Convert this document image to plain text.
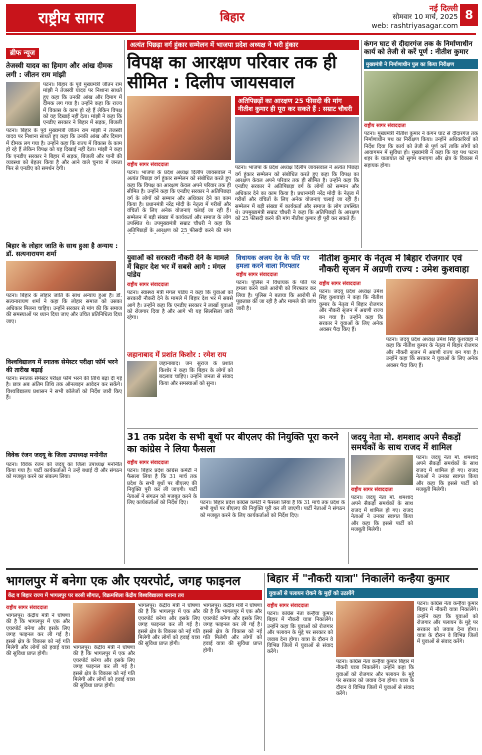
राष्ट्रीय सागर	बिहार
नई दिल्ली
सोमवार 10 मार्च, 2025
web: rashtriyasagar.com
8
ब्रीफ न्यूज
तेजस्वी यादव का हिमाग और आंख दीमक लगी : जीतन राम मांझी
पटना। बिहार के पूर्व मुख्यमंत्री जीतन राम मांझी ने तेजस्वी यादव पर निशाना साधते हुए कहा कि उनकी आंख और दिमाग में दीमक लग गया है। उन्होंने कहा कि राज्य में विकास के काम हो रहे हैं लेकिन विपक्ष को यह दिखाई नहीं देता। मांझी ने कहा कि एनडीए सरकार ने बिहार में सड़क, बिजली
पटना। बिहार के पूर्व मुख्यमंत्री जीतन राम मांझी ने तेजस्वी यादव पर निशाना साधते हुए कहा कि उनकी आंख और दिमाग में दीमक लग गया है। उन्होंने कहा कि राज्य में विकास के काम हो रहे हैं लेकिन विपक्ष को यह दिखाई नहीं देता। मांझी ने कहा कि एनडीए सरकार ने बिहार में सड़क, बिजली और पानी की व्यवस्था को बेहतर किया है और आने वाले चुनाव में जनता फिर से एनडीए को समर्थन देगी।
बिहार के लोहार जाति के साथ हुआ है अन्याय : डॉ. सत्यनारायण शर्मा
पटना। बिहार के लोहार जाति के साथ अन्याय हुआ है। डॉ. सत्यनारायण शर्मा ने कहा कि लोहार समाज को उसका अधिकार मिलना चाहिए। उन्होंने सरकार से मांग की कि समाज की समस्याओं पर ध्यान दिया जाए और उचित प्रतिनिधित्व दिया जाए।
विश्वविद्यालय में स्नातक सेमेस्टर परीक्षा फॉर्म भरने की तारीख बढ़ाई
पटना। स्नातक सेमेस्टर परीक्षा फॉर्म भरने की तिथि बढ़ा दी गई है। छात्र अब अंतिम तिथि तक ऑनलाइन आवेदन कर सकेंगे। विश्वविद्यालय प्रशासन ने सभी कॉलेजों को निर्देश जारी किए हैं।
विवेक रंजन जदयू के जिला उपाध्यक्ष मनोनीत
पटना। विवेक रंजन को जदयू का जिला उपाध्यक्ष मनोनीत किया गया है। पार्टी कार्यकर्ताओं ने उन्हें बधाई दी और संगठन को मजबूत करने का संकल्प लिया।
अत्यंत पिछड़ा वर्ग हुंकार सम्मेलन में भाजपा प्रदेश अध्यक्ष ने भरी हुंकार
विपक्ष का आरक्षण परिवार तक ही सीमित : दिलीप जायसवाल
राष्ट्रीय सागर संवाददाता
पटना। भाजपा के प्रदेश अध्यक्ष दिलीप जायसवाल ने अत्यंत पिछड़ा वर्ग हुंकार सम्मेलन को संबोधित करते हुए कहा कि विपक्ष का आरक्षण केवल अपने परिवार तक ही सीमित है। उन्होंने कहा कि एनडीए सरकार ने अतिपिछड़ा वर्ग के लोगों को सम्मान और अधिकार देने का काम किया है। प्रधानमंत्री नरेंद्र मोदी के नेतृत्व में गरीबों और वंचितों के लिए अनेक योजनाएं चलाई जा रही हैं। सम्मेलन में बड़ी संख्या में कार्यकर्ता और समाज के लोग उपस्थित थे। उपमुख्यमंत्री सम्राट चौधरी ने कहा कि अतिपिछड़ों के आरक्षण को 25 फीसदी करने की मांग
अतिपिछड़ों का आरक्षण 25 फीसदी की मांग नीतीश कुमार ही पूरा कर सकते हैं : सम्राट चौधरी
पटना। भाजपा के प्रदेश अध्यक्ष दिलीप जायसवाल ने अत्यंत पिछड़ा वर्ग हुंकार सम्मेलन को संबोधित करते हुए कहा कि विपक्ष का आरक्षण केवल अपने परिवार तक ही सीमित है। उन्होंने कहा कि एनडीए सरकार ने अतिपिछड़ा वर्ग के लोगों को सम्मान और अधिकार देने का काम किया है। प्रधानमंत्री नरेंद्र मोदी के नेतृत्व में गरीबों और वंचितों के लिए अनेक योजनाएं चलाई जा रही हैं। सम्मेलन में बड़ी संख्या में कार्यकर्ता और समाज के लोग उपस्थित थे। उपमुख्यमंत्री सम्राट चौधरी ने कहा कि अतिपिछड़ों के आरक्षण को 25 फीसदी करने की मांग नीतीश कुमार ही पूरी कर सकते हैं।
कंगन घाट से दीदारगंज तक के निर्माणाधीन कार्य को तेजी से करें पूर्ण : नीतीश कुमार
मुख्यमंत्री ने निर्माणाधीन पुल का किया निरीक्षण
राष्ट्रीय सागर संवाददाता
पटना। मुख्यमंत्री नीतीश कुमार ने कंगन घाट से दीदारगंज तक निर्माणाधीन पथ का निरीक्षण किया। उन्होंने अधिकारियों को निर्देश दिया कि कार्य को तेजी से पूर्ण करें ताकि लोगों को आवागमन में सुविधा हो। मुख्यमंत्री ने कहा कि यह पथ पटना शहर के यातायात को सुगम बनाएगा और क्षेत्र के विकास में सहायक होगा।
युवाओं को सरकारी नौकरी देने के मामले में बिहार देश भर में सबसे आगे : मंगल पांडेय
राष्ट्रीय सागर संवाददाता
पटना। स्वास्थ्य मंत्री मंगल पांडेय ने कहा कि युवाओं को सरकारी नौकरी देने के मामले में बिहार देश भर में सबसे आगे है। उन्होंने कहा कि एनडीए सरकार ने लाखों युवाओं को रोजगार दिया है और आगे भी यह सिलसिला जारी रहेगा।
जहानाबाद में प्रशांत किशोर : रमेश राय
जहानाबाद। जन सुराज के प्रशांत किशोर ने कहा कि बिहार के लोगों को बदलाव चाहिए। उन्होंने जनता से संवाद किया और समस्याओं को सुना।
विधायक अजय देव के पति पर हमला करने वाला गिरफ्तार
राष्ट्रीय सागर संवाददाता
पटना। पुलिस ने विधायक के पति पर हमला करने वाले आरोपी को गिरफ्तार कर लिया है। पुलिस ने बताया कि आरोपी से पूछताछ की जा रही है और मामले की जांच जारी है।
नीतीश कुमार के नेतृत्व में बिहार रोजगार एवं नौकरी सृजन में अग्रणी राज्य : उमेश कुशवाहा
राष्ट्रीय सागर संवाददाता
पटना। जदयू प्रदेश अध्यक्ष उमेश सिंह कुशवाहा ने कहा कि नीतीश कुमार के नेतृत्व में बिहार रोजगार और नौकरी सृजन में अग्रणी राज्य बन गया है। उन्होंने कहा कि सरकार ने युवाओं के लिए अनेक अवसर पैदा किए हैं।
पटना। जदयू प्रदेश अध्यक्ष उमेश सिंह कुशवाहा ने कहा कि नीतीश कुमार के नेतृत्व में बिहार रोजगार और नौकरी सृजन में अग्रणी राज्य बन गया है। उन्होंने कहा कि सरकार ने युवाओं के लिए अनेक अवसर पैदा किए हैं।
31 तक प्रदेश के सभी बूथों पर बीएलए की नियुक्ति पूरा करने का कांग्रेस ने लिया फैसला
राष्ट्रीय सागर संवाददाता
पटना। बिहार प्रदेश कांग्रेस कमेटी ने फैसला लिया है कि 31 मार्च तक प्रदेश के सभी बूथों पर बीएलए की नियुक्ति पूरी कर ली जाएगी। पार्टी नेताओं ने संगठन को मजबूत करने के लिए कार्यकर्ताओं को निर्देश दिए।	पटना। बिहार प्रदेश कांग्रेस कमेटी ने फैसला लिया है कि 31 मार्च तक प्रदेश के सभी बूथों पर बीएलए की नियुक्ति पूरी कर ली जाएगी। पार्टी नेताओं ने संगठन को मजबूत करने के लिए कार्यकर्ताओं को निर्देश दिए।
जदयू नेता मो. शमशाद अपने सैकड़ों समर्थकों के साथ राजद में शामिल
राष्ट्रीय सागर संवाददाता
पटना। जदयू नेता मो. शमशाद अपने सैकड़ों समर्थकों के साथ राजद में शामिल हो गए। राजद नेताओं ने उनका स्वागत किया और कहा कि इससे पार्टी को मजबूती मिलेगी।
पटना। जदयू नेता मो. शमशाद अपने सैकड़ों समर्थकों के साथ राजद में शामिल हो गए। राजद नेताओं ने उनका स्वागत किया और कहा कि इससे पार्टी को मजबूती मिलेगी।
भागलपुर में बनेगा एक और एयरपोर्ट, जगह फाइनल
केंद्र व बिहार राज्य में भागलपुर पर बरसी सौगात, विक्रमशिला केंद्रीय विश्वविद्यालय बनाना तय
राष्ट्रीय सागर संवाददाता
भागलपुर। केंद्रीय मंत्री ने घोषणा की है कि भागलपुर में एक और एयरपोर्ट बनेगा और इसके लिए जगह फाइनल कर ली गई है। इससे क्षेत्र के विकास को नई गति मिलेगी और लोगों को हवाई यात्रा की सुविधा प्राप्त होगी।
भागलपुर। केंद्रीय मंत्री ने घोषणा की है कि भागलपुर में एक और एयरपोर्ट बनेगा और इसके लिए जगह फाइनल कर ली गई है। इससे क्षेत्र के विकास को नई गति मिलेगी और लोगों को हवाई यात्रा की सुविधा प्राप्त होगी।
भागलपुर। केंद्रीय मंत्री ने घोषणा की है कि भागलपुर में एक और एयरपोर्ट बनेगा और इसके लिए जगह फाइनल कर ली गई है। इससे क्षेत्र के विकास को नई गति मिलेगी और लोगों को हवाई यात्रा की सुविधा प्राप्त होगी।
भागलपुर। केंद्रीय मंत्री ने घोषणा की है कि भागलपुर में एक और एयरपोर्ट बनेगा और इसके लिए जगह फाइनल कर ली गई है। इससे क्षेत्र के विकास को नई गति मिलेगी और लोगों को हवाई यात्रा की सुविधा प्राप्त होगी।
बिहार में "नौकरी यात्रा" निकालेंगे कन्हैया कुमार
युवाओं से पलायन रोकने के मुद्दों को उठायेंगे
राष्ट्रीय सागर संवाददाता
पटना। कांग्रेस नेता कन्हैया कुमार बिहार में नौकरी यात्रा निकालेंगे। उन्होंने कहा कि युवाओं को रोजगार और पलायन के मुद्दे पर सरकार को जवाब देना होगा। यात्रा के दौरान वे विभिन्न जिलों में युवाओं से संवाद करेंगे।
पटना। कांग्रेस नेता कन्हैया कुमार बिहार में नौकरी यात्रा निकालेंगे। उन्होंने कहा कि युवाओं को रोजगार और पलायन के मुद्दे पर सरकार को जवाब देना होगा। यात्रा के दौरान वे विभिन्न जिलों में युवाओं से संवाद करेंगे।
पटना। कांग्रेस नेता कन्हैया कुमार बिहार में नौकरी यात्रा निकालेंगे। उन्होंने कहा कि युवाओं को रोजगार और पलायन के मुद्दे पर सरकार को जवाब देना होगा। यात्रा के दौरान वे विभिन्न जिलों में युवाओं से संवाद करेंगे।
